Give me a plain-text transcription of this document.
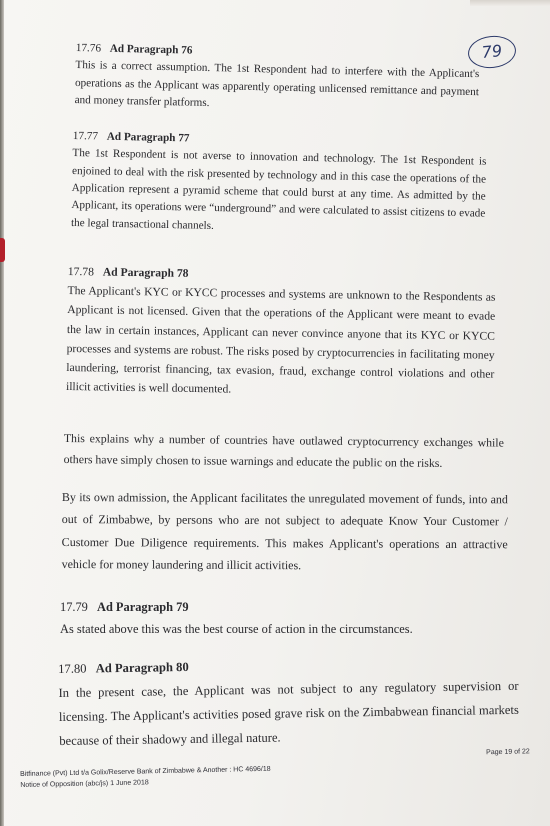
79
17.76 Ad Paragraph 76

This is a correct assumption. The 1st Respondent had to interfere with the Applicant's operations as the Applicant was apparently operating unlicensed remittance and payment and money transfer platforms.

17.77 Ad Paragraph 77

The 1st Respondent is not averse to innovation and technology. The 1st Respondent is enjoined to deal with the risk presented by technology and in this case the operations of the Application represent a pyramid scheme that could burst at any time. As admitted by the Applicant, its operations were “underground” and were calculated to assist citizens to evade the legal transactional channels.

17.78 Ad Paragraph 78

The Applicant's KYC or KYCC processes and systems are unknown to the Respondents as Applicant is not licensed. Given that the operations of the Applicant were meant to evade the law in certain instances, Applicant can never convince anyone that its KYC or KYCC processes and systems are robust. The risks posed by cryptocurrencies in facilitating money laundering, terrorist financing, tax evasion, fraud, exchange control violations and other illicit activities is well documented.

This explains why a number of countries have outlawed cryptocurrency exchanges while others have simply chosen to issue warnings and educate the public on the risks.

By its own admission, the Applicant facilitates the unregulated movement of funds, into and out of Zimbabwe, by persons who are not subject to adequate Know Your Customer / Customer Due Diligence requirements. This makes Applicant's operations an attractive vehicle for money laundering and illicit activities.

17.79 Ad Paragraph 79

As stated above this was the best course of action in the circumstances.

17.80 Ad Paragraph 80

In the present case, the Applicant was not subject to any regulatory supervision or licensing. The Applicant's activities posed grave risk on the Zimbabwean financial markets because of their shadowy and illegal nature.

Bitfinance (Pvt) Ltd t/a Golix/Reserve Bank of Zimbabwe & Another : HC 4696/18
Notice of Opposition (abc/js) 1 June 2018
Page 19 of 22
